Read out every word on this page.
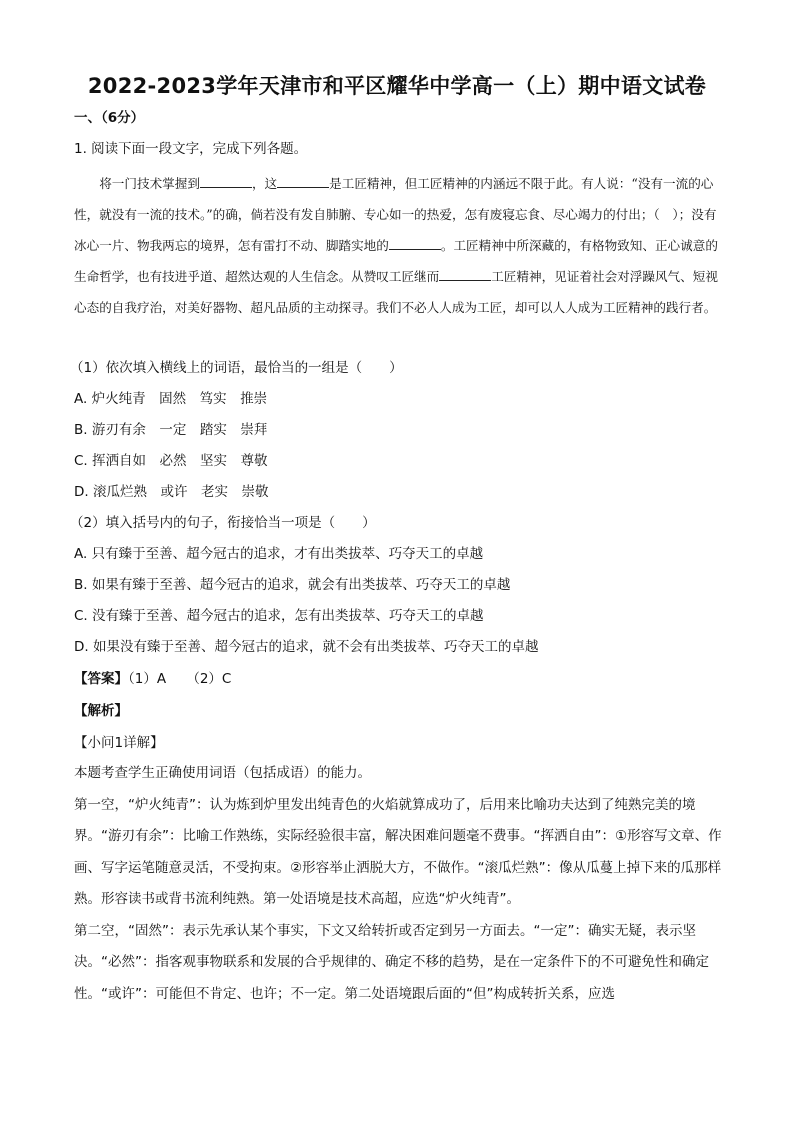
2022-2023学年天津市和平区耀华中学高一（上）期中语文试卷
一、（6分）
1. 阅读下面一段文字，完成下列各题。
将一门技术掌握到	，这	是工匠精神，但工匠精神的内涵远不限于此。有人说：“没有一流的心性，就没有一流的技术。”的确，倘若没有发自肺腑、专心如一的热爱，怎有废寝忘食、尽心竭力的付出；（　）；没有冰心一片、物我两忘的境界，怎有雷打不动、脚踏实地的	。工匠精神中所深藏的，有格物致知、正心诚意的生命哲学，也有技进乎道、超然达观的人生信念。从赞叹工匠继而	工匠精神，见证着社会对浮躁风气、短视心态的自我疗治，对美好器物、超凡品质的主动探寻。我们不必人人成为工匠，却可以人人成为工匠精神的践行者。
（1）依次填入横线上的词语，最恰当的一组是（　　）
A. 炉火纯青　固然　笃实　推崇
B. 游刃有余　一定　踏实　崇拜
C. 挥洒自如　必然　坚实　尊敬
D. 滚瓜烂熟　或许　老实　崇敬
（2）填入括号内的句子，衔接恰当一项是（　　）
A. 只有臻于至善、超今冠古的追求，才有出类拔萃、巧夺天工的卓越
B. 如果有臻于至善、超今冠古的追求，就会有出类拔萃、巧夺天工的卓越
C. 没有臻于至善、超今冠古的追求，怎有出类拔萃、巧夺天工的卓越
D. 如果没有臻于至善、超今冠古的追求，就不会有出类拔萃、巧夺天工的卓越
【答案】（1）A　　（2）C
【解析】
【小问1详解】

本题考查学生正确使用词语（包括成语）的能力。

第一空，“炉火纯青”：认为炼到炉里发出纯青色的火焰就算成功了，后用来比喻功夫达到了纯熟完美的境界。“游刃有余”：比喻工作熟练，实际经验很丰富，解决困难问题毫不费事。“挥洒自由”：①形容写文章、作画、写字运笔随意灵活，不受拘束。②形容举止洒脱大方，不做作。“滚瓜烂熟”：像从瓜蔓上掉下来的瓜那样熟。形容读书或背书流利纯熟。第一处语境是技术高超，应选“炉火纯青”。

第二空，“固然”：表示先承认某个事实，下文又给转折或否定到另一方面去。“一定”：确实无疑，表示坚决。“必然”：指客观事物联系和发展的合乎规律的、确定不移的趋势，是在一定条件下的不可避免性和确定性。“或许”：可能但不肯定、也许；不一定。第二处语境跟后面的“但”构成转折关系，应选
